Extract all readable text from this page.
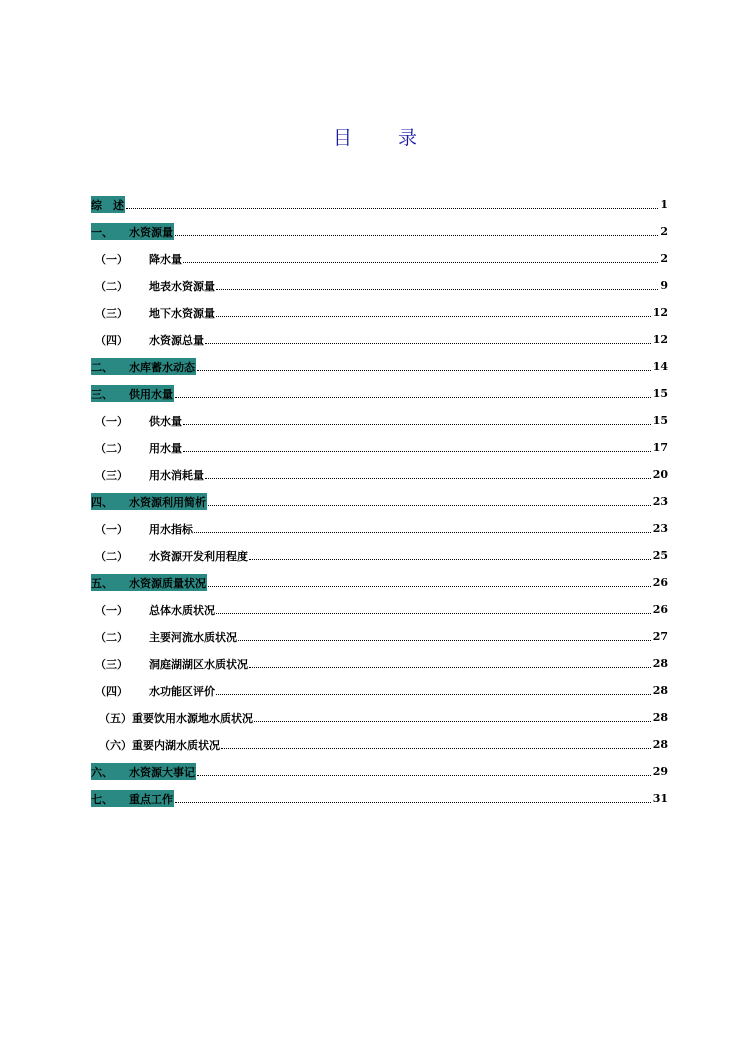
目 录
综　述	1
一、	水资源量	2
（一） 降水量	2
（二） 地表水资源量	9
（三） 地下水资源量	12
（四） 水资源总量	12
二、	水库蓄水动态	14
三、	供用水量	15
（一） 供水量	15
（二） 用水量	17
（三） 用水消耗量	20
四、	水资源利用简析	23
（一） 用水指标	23
（二） 水资源开发利用程度	25
五、	水资源质量状况	26
（一） 总体水质状况	26
（二） 主要河流水质状况	27
（三） 洞庭湖湖区水质状况	28
（四） 水功能区评价	28
（五）重要饮用水源地水质状况	28
（六）重要内湖水质状况	28
六、	水资源大事记	29
七、	重点工作	31
